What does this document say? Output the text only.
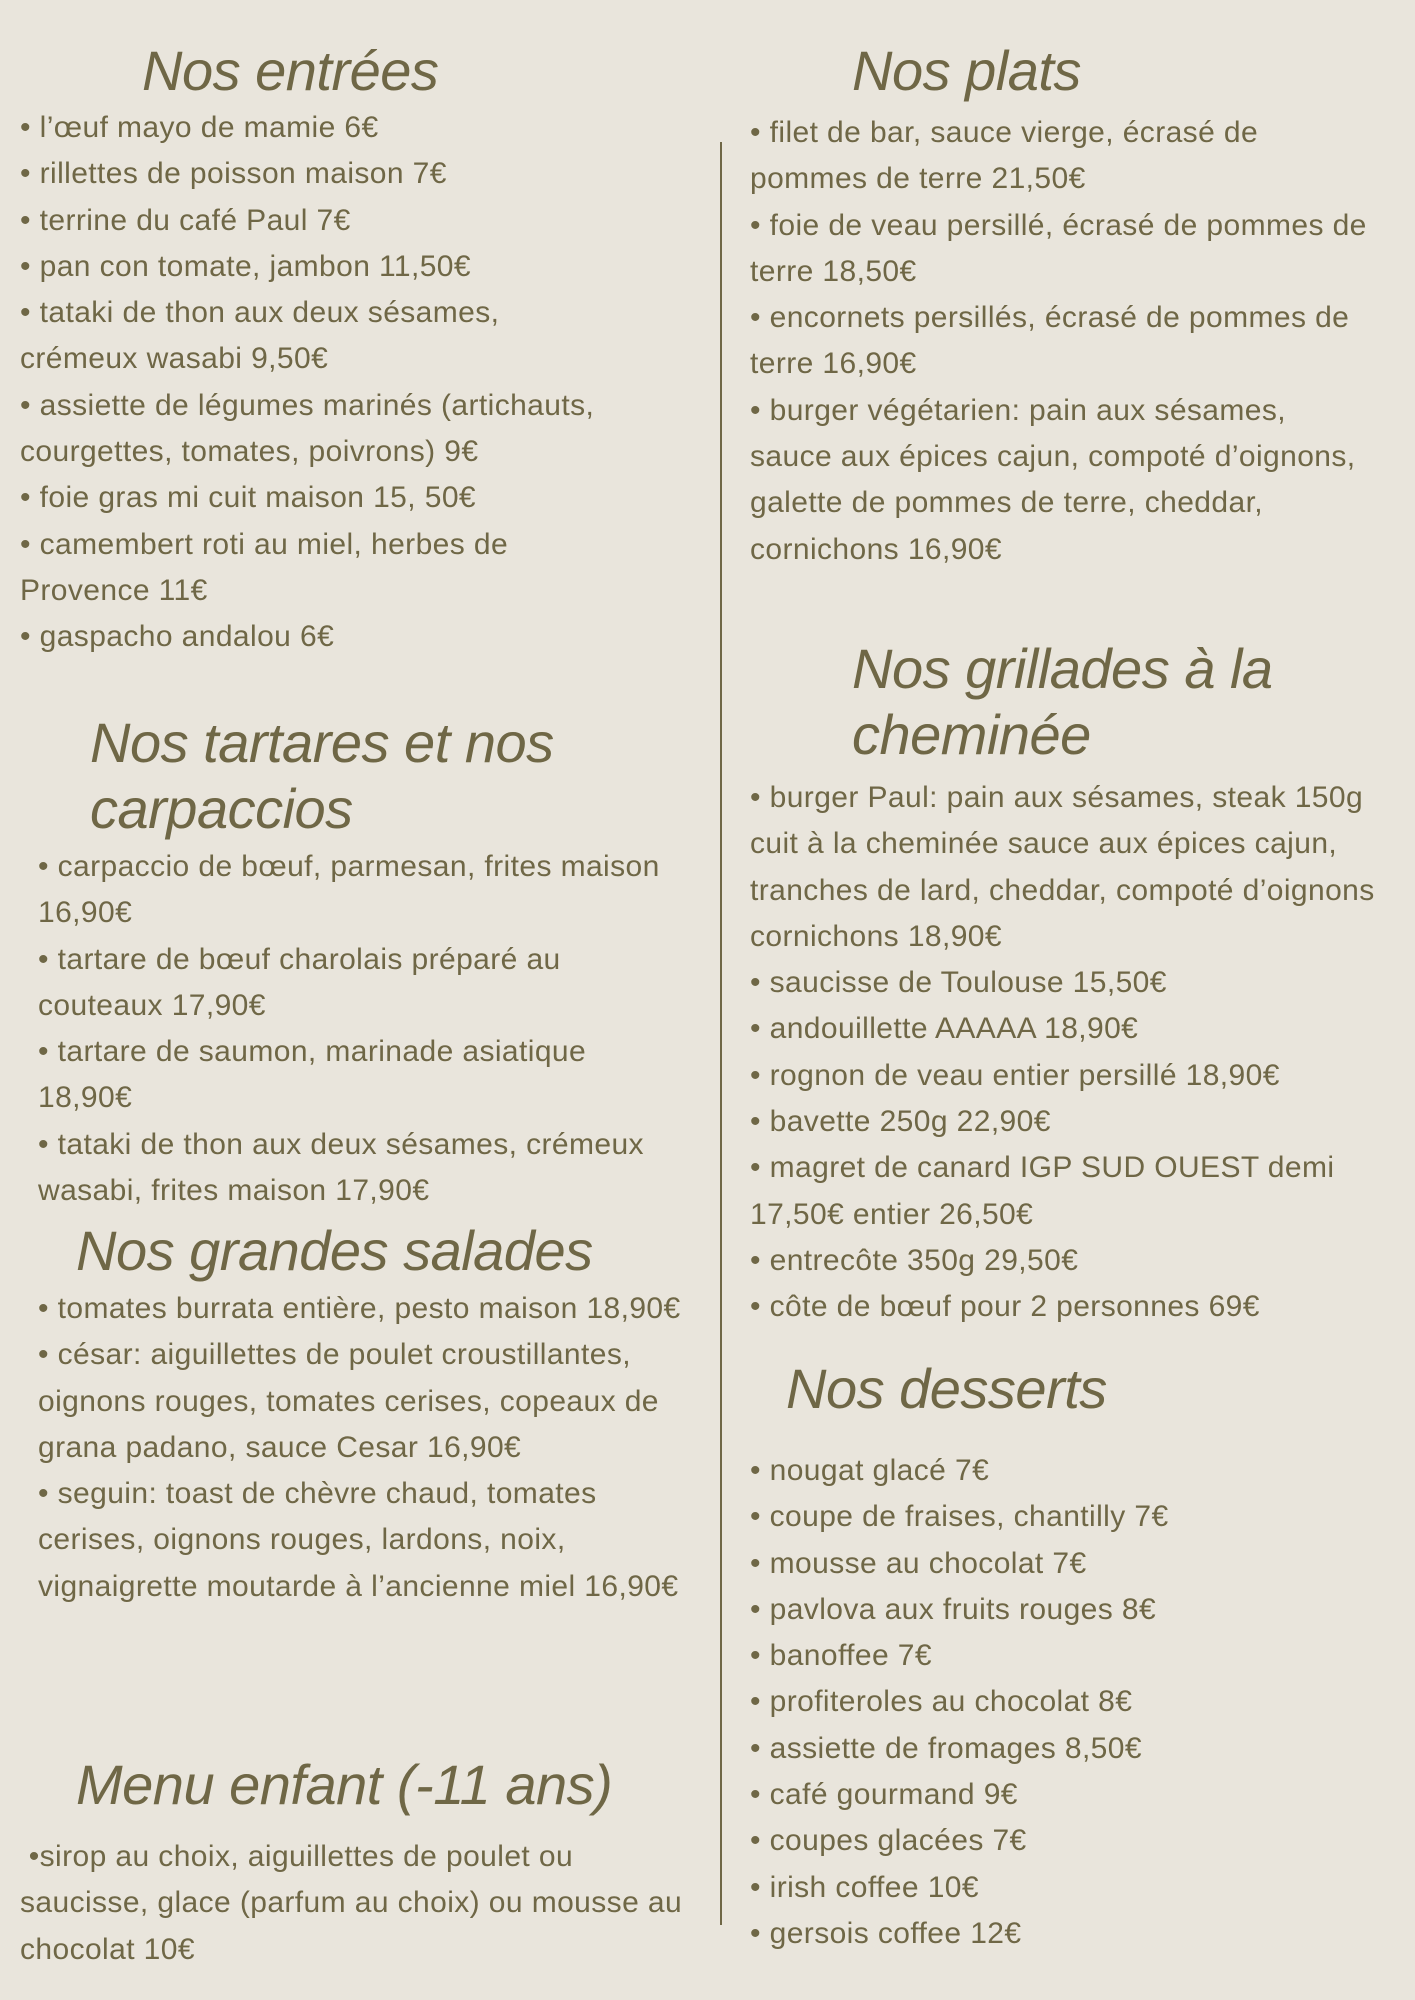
Nos entrées
• l’œuf mayo de mamie 6€
• rillettes de poisson maison 7€
• terrine du café Paul 7€
• pan con tomate, jambon 11,50€
• tataki de thon aux deux sésames, crémeux wasabi 9,50€
• assiette de légumes marinés (artichauts, courgettes, tomates, poivrons) 9€
• foie gras mi cuit maison 15, 50€
• camembert roti au miel, herbes de Provence 11€
• gaspacho andalou 6€
Nos tartares et nos
carpaccios
• carpaccio de bœuf, parmesan, frites maison 16,90€
• tartare de bœuf charolais préparé au couteaux 17,90€
• tartare de saumon, marinade asiatique 18,90€
• tataki de thon aux deux sésames, crémeux wasabi, frites maison 17,90€
Nos grandes salades
• tomates burrata entière, pesto maison 18,90€
• césar: aiguillettes de poulet croustillantes, oignons rouges, tomates cerises, copeaux de grana padano, sauce Cesar 16,90€
• seguin: toast de chèvre chaud, tomates cerises, oignons rouges, lardons, noix, vignaigrette moutarde à l’ancienne miel 16,90€
Menu enfant (-11 ans)
• sirop au choix, aiguillettes de poulet ou saucisse, glace (parfum au choix) ou mousse au chocolat 10€
Nos plats
• filet de bar, sauce vierge, écrasé de pommes de terre 21,50€
• foie de veau persillé, écrasé de pommes de terre 18,50€
• encornets persillés, écrasé de pommes de terre 16,90€
• burger végétarien: pain aux sésames, sauce aux épices cajun, compoté d’oignons, galette de pommes de terre, cheddar, cornichons 16,90€
Nos grillades à la
cheminée
• burger Paul: pain aux sésames, steak 150g cuit à la cheminée sauce aux épices cajun, tranches de lard, cheddar, compoté d’oignons cornichons 18,90€
• saucisse de Toulouse 15,50€
• andouillette AAAAA 18,90€
• rognon de veau entier persillé 18,90€
• bavette 250g 22,90€
• magret de canard IGP SUD OUEST demi 17,50€ entier 26,50€
• entrecôte 350g 29,50€
• côte de bœuf pour 2 personnes 69€
Nos desserts
• nougat glacé 7€
• coupe de fraises, chantilly 7€
• mousse au chocolat 7€
• pavlova aux fruits rouges 8€
• banoffee 7€
• profiteroles au chocolat 8€
• assiette de fromages 8,50€
• café gourmand 9€
• coupes glacées 7€
• irish coffee 10€
• gersois coffee 12€
